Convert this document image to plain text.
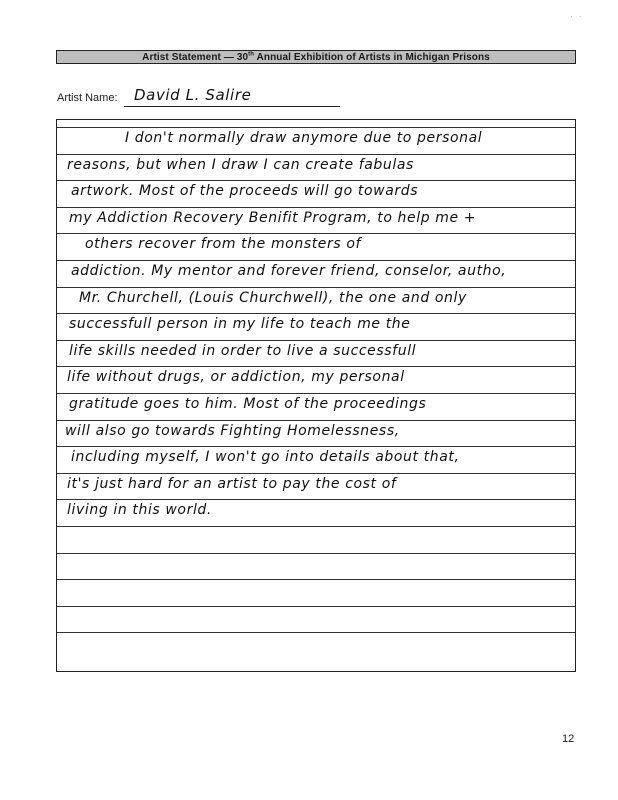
· ·
Artist Statement — 30th Annual Exhibition of Artists in Michigan Prisons
Artist Name: David L. Salire
I don't normally draw anymore due to personal
reasons, but when I draw I can create fabulas
artwork. Most of the proceeds will go towards
my Addiction Recovery Benifit Program, to help me +
others recover from the monsters of
addiction. My mentor and forever friend, conselor, autho,
Mr. Churchell, (Louis Churchwell), the one and only
successfull person in my life to teach me the
life skills needed in order to live a successfull
life without drugs, or addiction, my personal
gratitude goes to him. Most of the proceedings
will also go towards Fighting Homelessness,
including myself, I won't go into details about that,
it's just hard for an artist to pay the cost of
living in this world.
12
